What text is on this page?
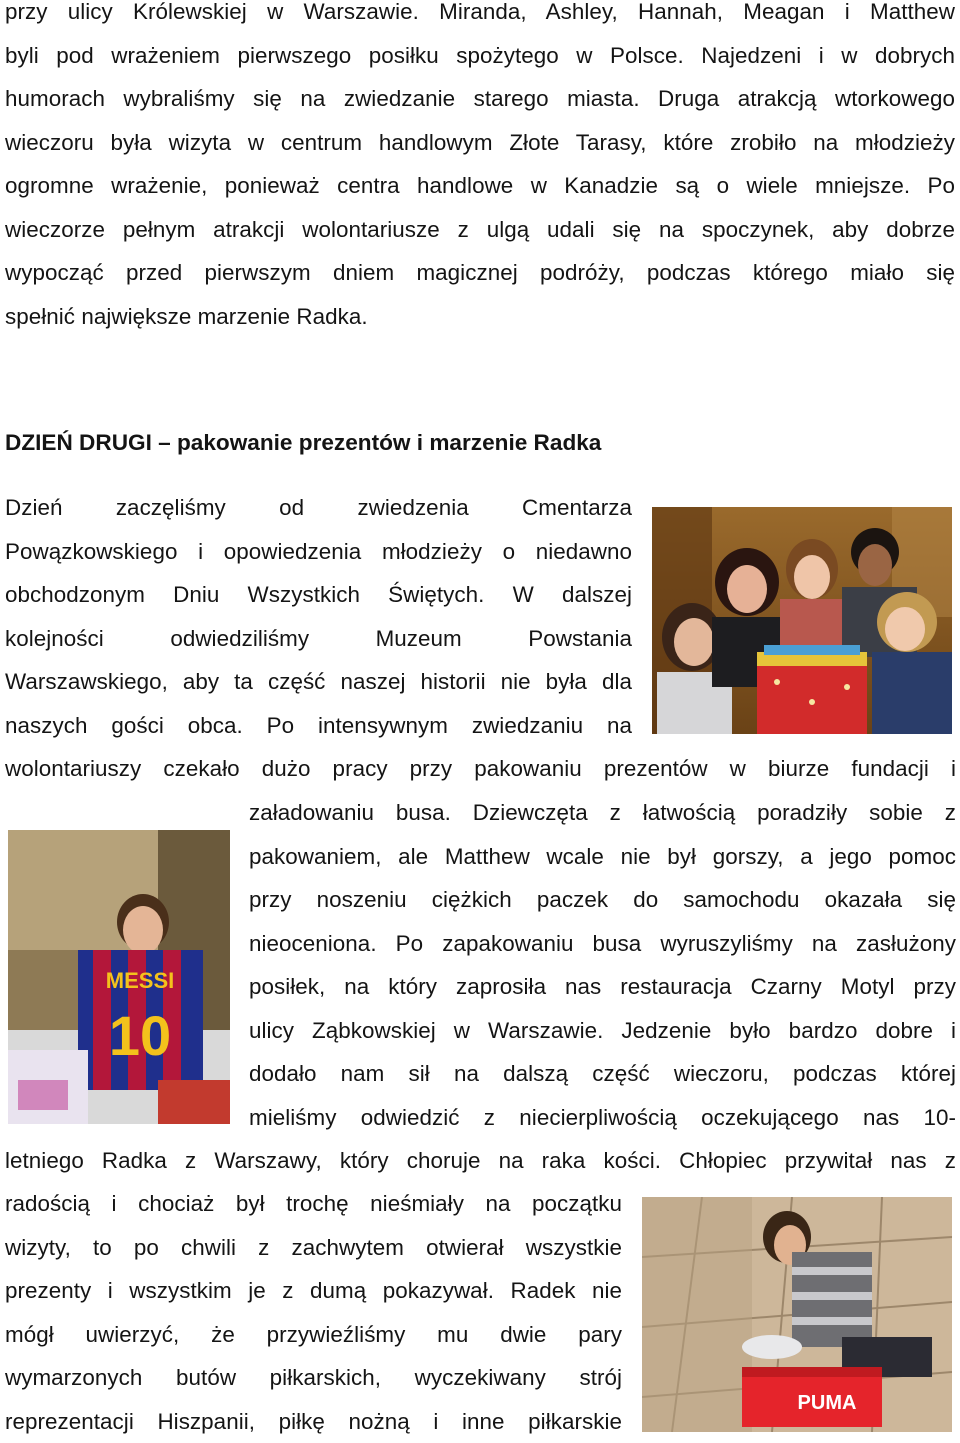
przy ulicy Królewskiej w Warszawie. Miranda, Ashley, Hannah, Meagan i Matthew
byli pod wrażeniem pierwszego posiłku spożytego w Polsce. Najedzeni i w dobrych
humorach wybraliśmy się na zwiedzanie starego miasta. Druga atrakcją wtorkowego
wieczoru była wizyta w centrum handlowym Złote Tarasy, które zrobiło na młodzieży
ogromne wrażenie, ponieważ centra handlowe w Kanadzie są o wiele mniejsze. Po
wieczorze pełnym atrakcji wolontariusze z ulgą udali się na spoczynek, aby dobrze
wypocząć przed pierwszym dniem magicznej podróży, podczas którego miało się
spełnić największe marzenie Radka.
DZIEŃ DRUGI – pakowanie prezentów i marzenie Radka
Dzień zaczęliśmy od zwiedzenia Cmentarza
Powązkowskiego i opowiedzenia młodzieży o niedawno
obchodzonym Dniu Wszystkich Świętych. W dalszej
kolejności odwiedziliśmy Muzeum Powstania
Warszawskiego, aby ta część naszej historii nie była dla
naszych gości obca. Po intensywnym zwiedzaniu na
wolontariuszy czekało dużo pracy przy pakowaniu prezentów w biurze fundacji i
MESSI
10
załadowaniu busa. Dziewczęta z łatwością poradziły sobie z
pakowaniem, ale Matthew wcale nie był gorszy, a jego pomoc
przy noszeniu ciężkich paczek do samochodu okazała się
nieoceniona. Po zapakowaniu busa wyruszyliśmy na zasłużony
posiłek, na który zaprosiła nas restauracja Czarny Motyl przy
ulicy Ząbkowskiej w Warszawie. Jedzenie było bardzo dobre i
dodało nam sił na dalszą część wieczoru, podczas której
mieliśmy odwiedzić z niecierpliwością oczekującego nas 10-
letniego Radka z Warszawy, który choruje na raka kości. Chłopiec przywitał nas z
radością i chociaż był trochę nieśmiały na początku
wizyty, to po chwili z zachwytem otwierał wszystkie
prezenty i wszystkim je z dumą pokazywał. Radek nie
mógł uwierzyć, że przywieźliśmy mu dwie pary
wymarzonych butów piłkarskich, wyczekiwany strój
reprezentacji Hiszpanii, piłkę nożną i inne piłkarskie
PUMA
